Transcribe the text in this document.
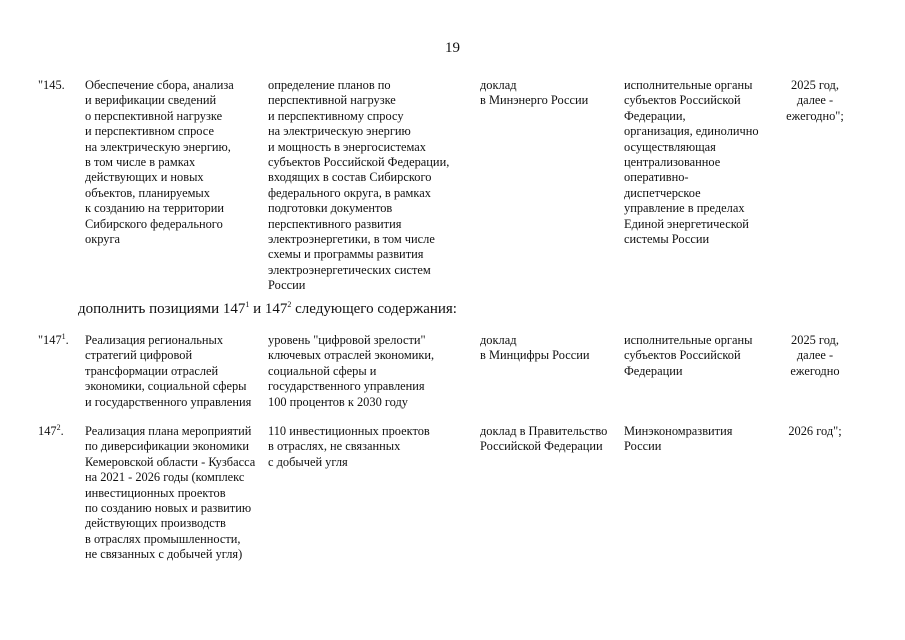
19
"145. Обеспечение сбора, анализа
и верификации сведений
о перспективной нагрузке
и перспективном спросе
на электрическую энергию,
в том числе в рамках
действующих и новых
объектов, планируемых
к созданию на территории
Сибирского федерального
округа
определение планов по
перспективной нагрузке
и перспективному спросу
на электрическую энергию
и мощность в энергосистемах
субъектов Российской Федерации,
входящих в состав Сибирского
федерального округа, в рамках
подготовки документов
перспективного развития
электроэнергетики, в том числе
схемы и программы развития
электроэнергетических систем
России
доклад
в Минэнерго России
исполнительные органы
субъектов Российской
Федерации,
организация, единолично
осуществляющая
централизованное
оперативно-
диспетчерское
управление в пределах
Единой энергетической
системы России
2025 год,
далее -
ежегодно";
дополнить позициями $147^1$ и $147^2$ следующего содержания:
"$147^1$. Реализация региональных
стратегий цифровой
трансформации отраслей
экономики, социальной сферы
и государственного управления
уровень "цифровой зрелости"
ключевых отраслей экономики,
социальной сферы и
государственного управления
100 процентов к 2030 году
доклад
в Минцифры России
исполнительные органы
субъектов Российской
Федерации
2025 год,
далее -
ежегодно
$147^2$. Реализация плана мероприятий
по диверсификации экономики
Кемеровской области - Кузбасса
на 2021 - 2026 годы (комплекс
инвестиционных проектов
по созданию новых и развитию
действующих производств
в отраслях промышленности,
не связанных с добычей угля)
110 инвестиционных проектов
в отраслях, не связанных
с добычей угля
доклад в Правительство
Российской Федерации
Минэкономразвития
России
2026 год";
